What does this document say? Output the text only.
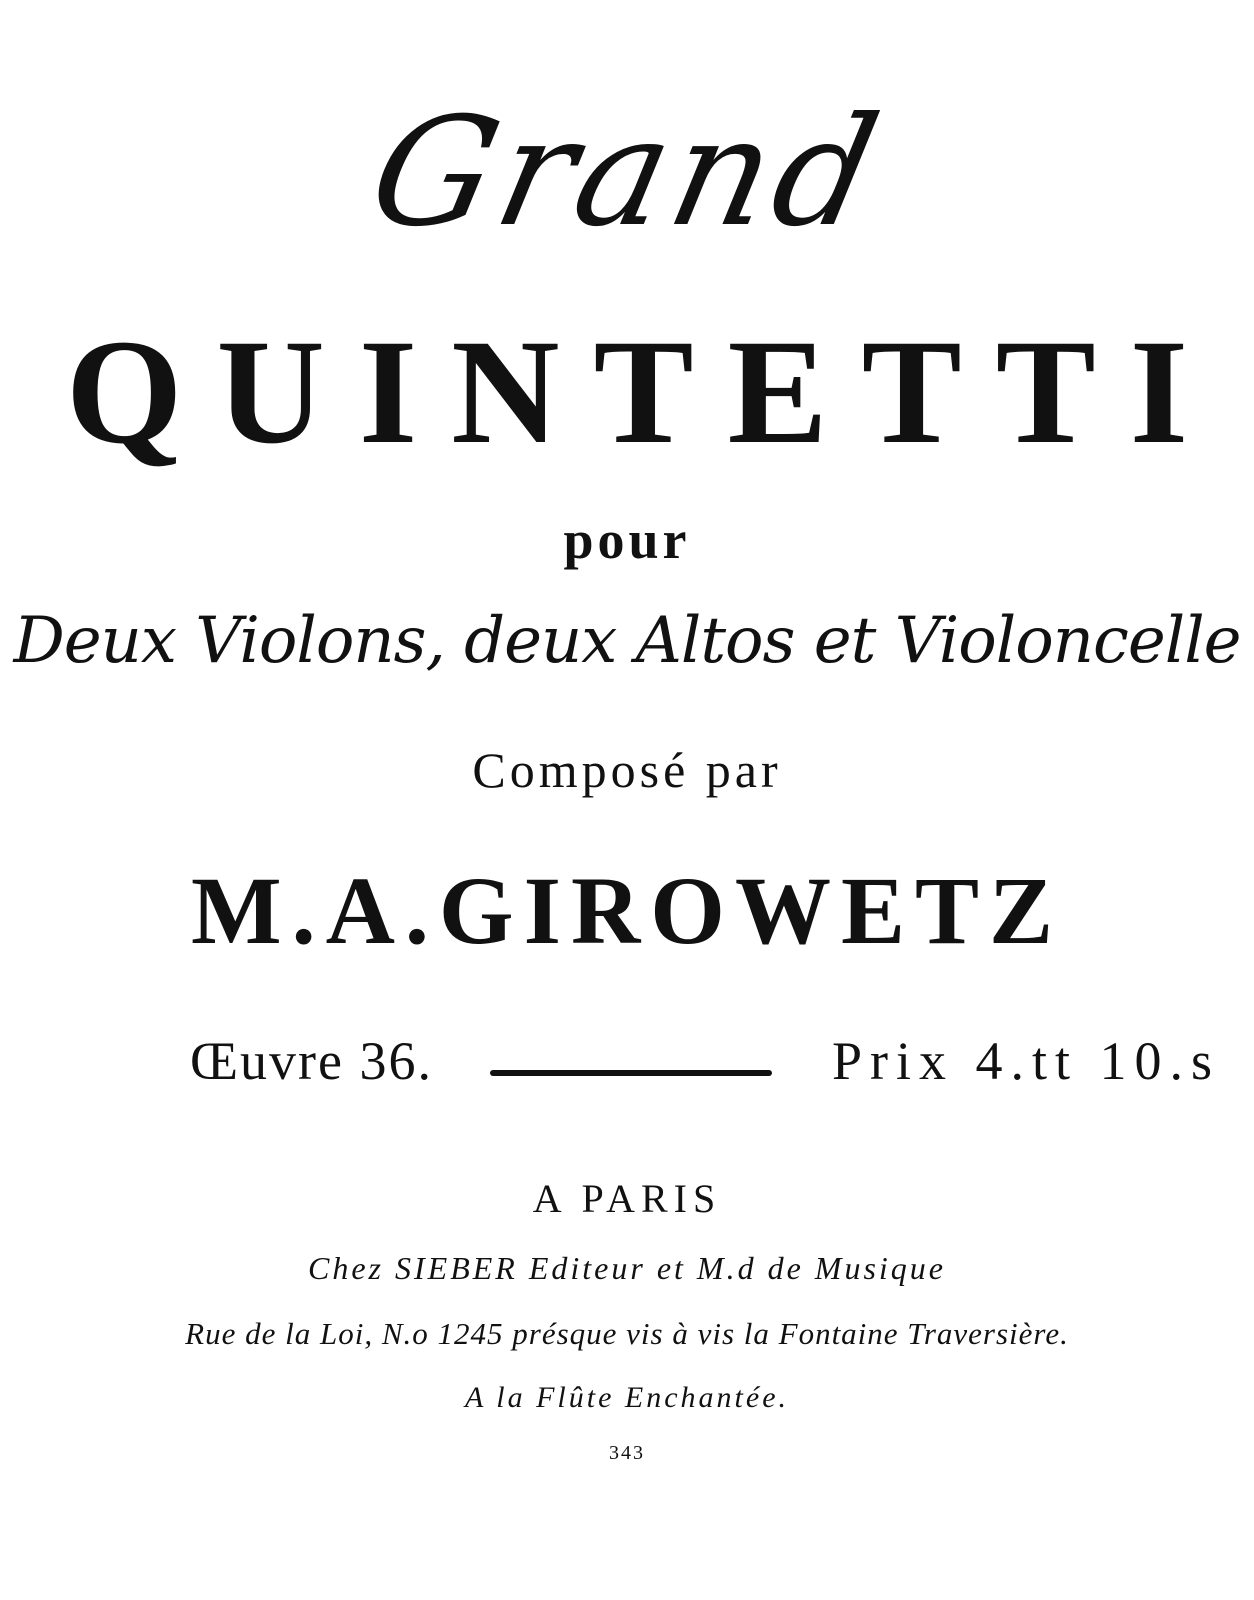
Grand
QUINTETTI
pour
Deux Violons, deux Altos et Violoncelle
Composé par
M.A.GIROWETZ
Œuvre 36.	Prix 4.tt 10.s
A PARIS
Chez SIEBER Editeur et M.d de Musique
Rue de la Loi, N.o 1245 présque vis à vis la Fontaine Traversière.
A la Flûte Enchantée.
343
